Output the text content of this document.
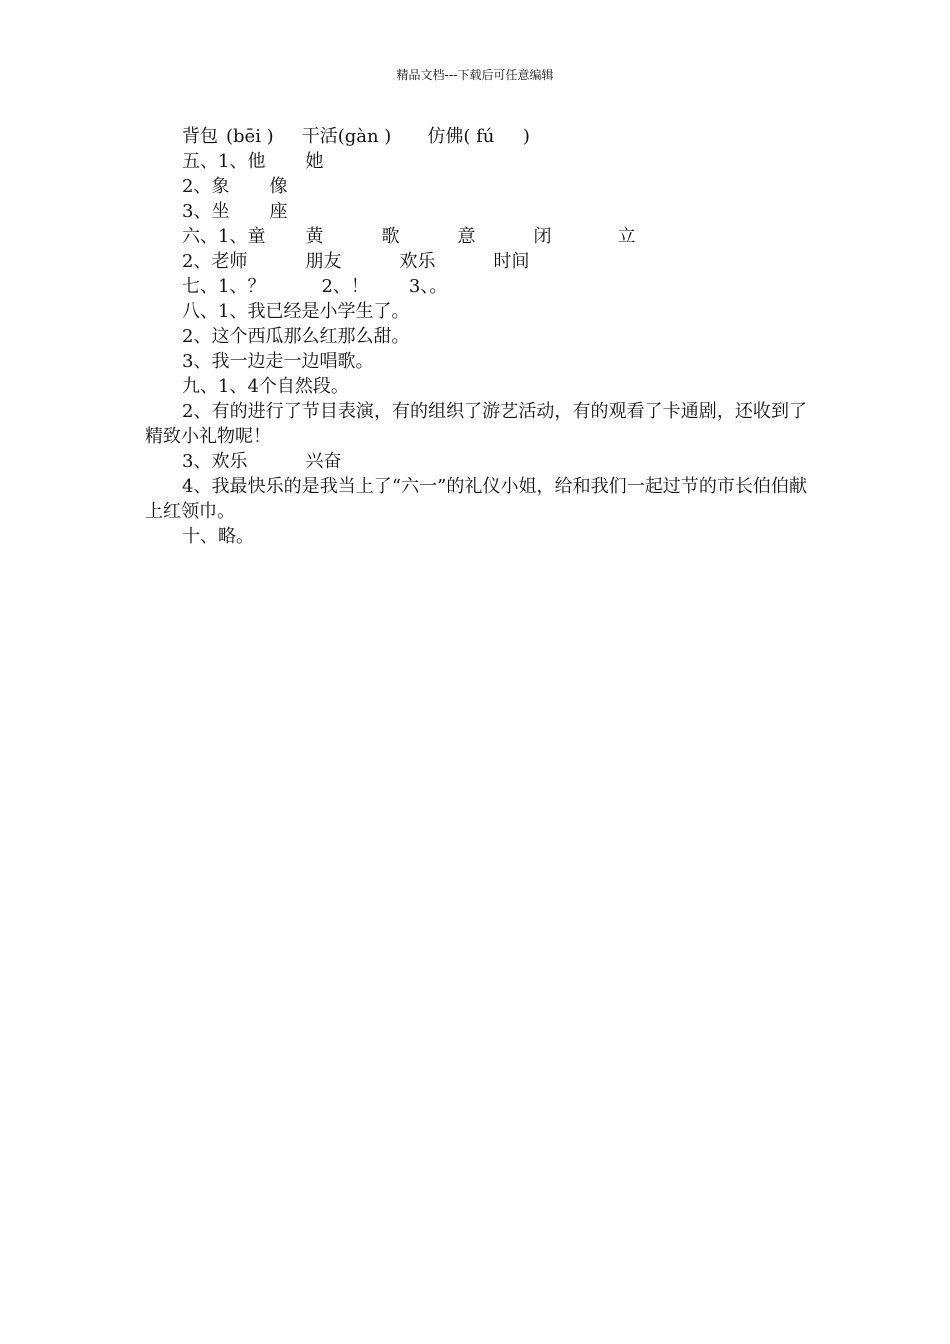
精品文档---下载后可任意编辑
背包 (bēi ) 干活 (gàn ) 仿佛 ( fú     )
五、1、 他 她
2、 象 像
3、 坐 座
六、1、 童 黄	歌	意	闭	立
2、 老师	朋友	欢乐	时间
七、1、 ？	2、！ 3、。
八、1、我已经是小学生了。
2、这个西瓜那么红那么甜。
3、我一边走一边唱歌。
九、1、4个自然段。

2、有的进行了节目表演，有的组织了游艺活动，有的观看了卡通剧，还收到了精致小礼物呢！

3、 欢乐	兴奋

4、我最快乐的是我当上了“六一”的礼仪小姐，给和我们一起过节的市长伯伯献上红领巾。

十、略。
